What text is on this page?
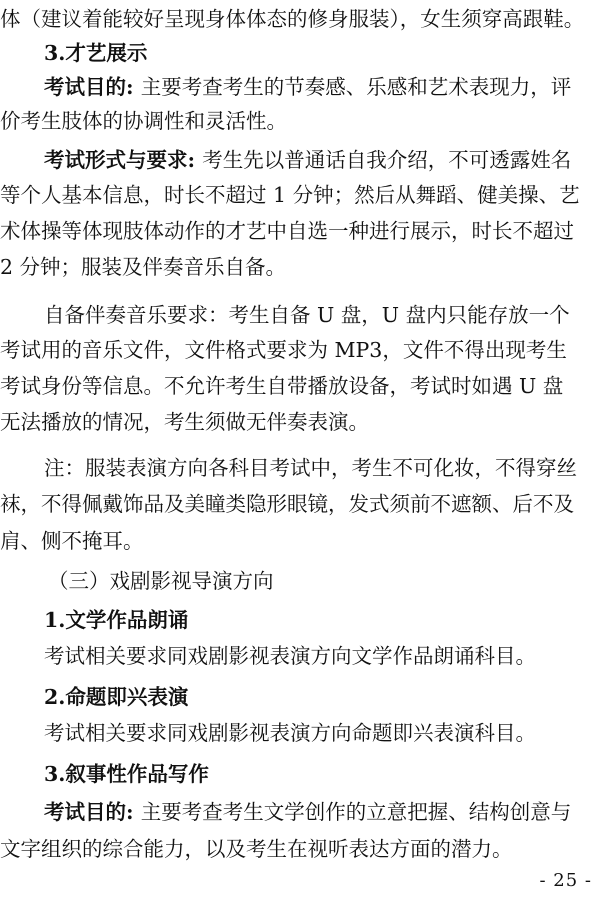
体（建议着能较好呈现身体体态的修身服装），女生须穿高跟鞋。
3.才艺展示
考试目的: 主要考查考生的节奏感、乐感和艺术表现力，评
价考生肢体的协调性和灵活性。
考试形式与要求: 考生先以普通话自我介绍，不可透露姓名
等个人基本信息，时长不超过 1 分钟；然后从舞蹈、健美操、艺
术体操等体现肢体动作的才艺中自选一种进行展示，时长不超过
2 分钟；服装及伴奏音乐自备。
自备伴奏音乐要求：考生自备 U 盘，U 盘内只能存放一个
考试用的音乐文件，文件格式要求为 MP3，文件不得出现考生
考试身份等信息。不允许考生自带播放设备，考试时如遇 U 盘
无法播放的情况，考生须做无伴奏表演。
注：服装表演方向各科目考试中，考生不可化妆，不得穿丝
袜，不得佩戴饰品及美瞳类隐形眼镜，发式须前不遮额、后不及
肩、侧不掩耳。
（三）戏剧影视导演方向
1.文学作品朗诵
考试相关要求同戏剧影视表演方向文学作品朗诵科目。
2.命题即兴表演
考试相关要求同戏剧影视表演方向命题即兴表演科目。
3.叙事性作品写作
考试目的: 主要考查考生文学创作的立意把握、结构创意与
文字组织的综合能力，以及考生在视听表达方面的潜力。
- 25 -
